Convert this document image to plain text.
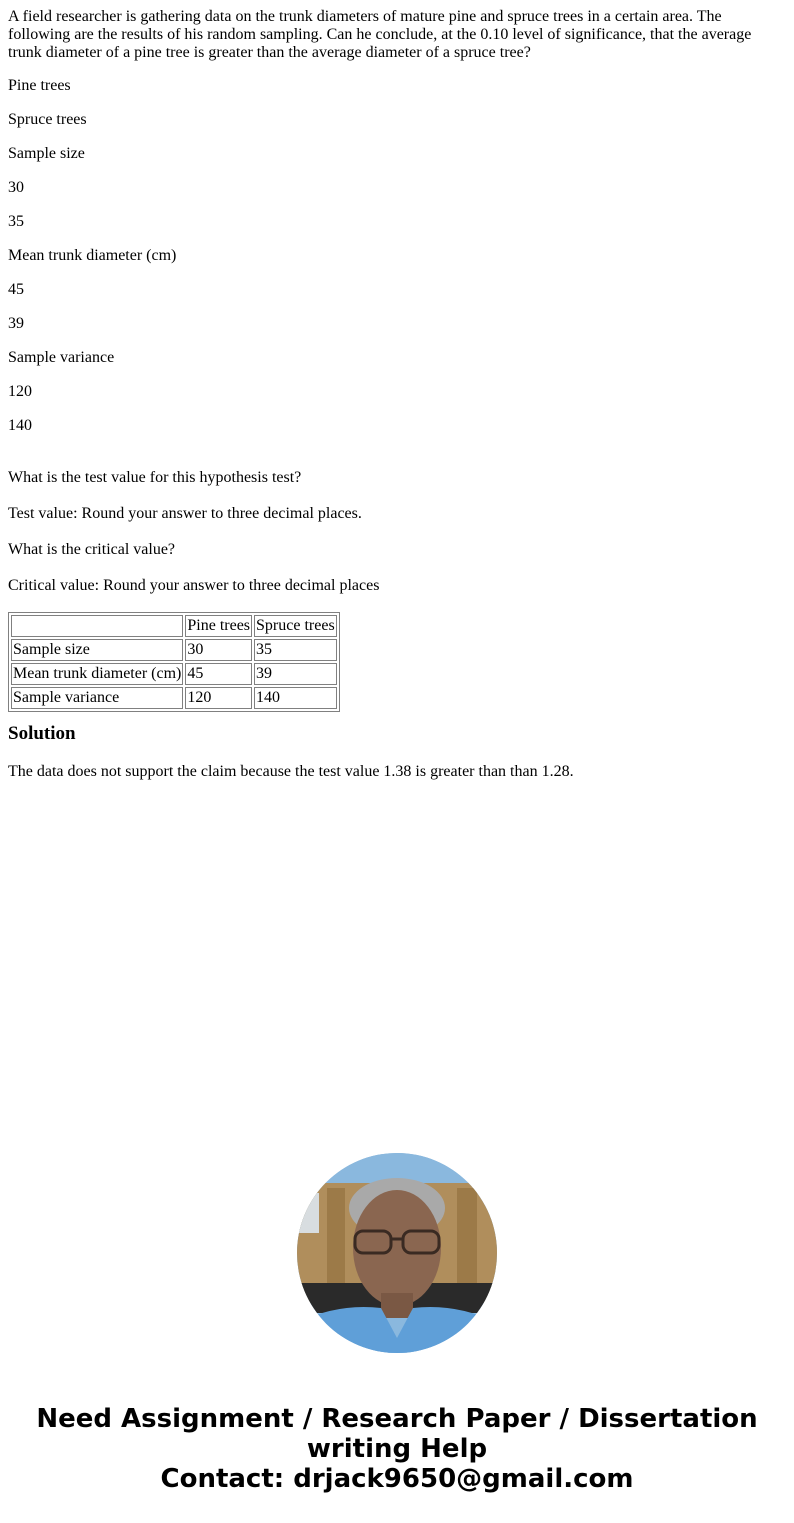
A field researcher is gathering data on the trunk diameters of mature pine and spruce trees in a certain area. The following are the results of his random sampling. Can he conclude, at the 0.10 level of significance, that the average trunk diameter of a pine tree is greater than the average diameter of a spruce tree?

Pine trees

Spruce trees

Sample size

30

35

Mean trunk diameter (cm)

45

39

Sample variance

120

140

What is the test value for this hypothesis test?

Test value: Round your answer to three decimal places.

What is the critical value?

Critical value: Round your answer to three decimal places

	Pine trees	Spruce trees
Sample size	30	35
Mean trunk diameter (cm)	45	39
Sample variance	120	140
Solution

The data does not support the claim because the test value 1.38 is greater than than 1.28.

Need Assignment / Research Paper / Dissertation
writing Help
Contact: drjack9650@gmail.com
